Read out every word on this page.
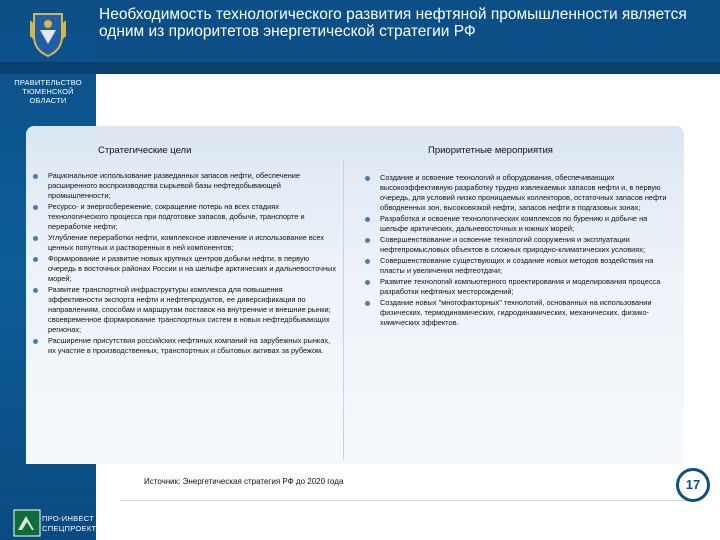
Необходимость технологического развития нефтяной промышленности является одним из приоритетов энергетической стратегии РФ
ПРАВИТЕЛЬСТВО
ТЮМЕНСКОЙ
ОБЛАСТИ
Стратегические цели	Приоритетные мероприятия
Рациональное использование разведанных запасов нефти, обеспечение расширенного воспроизводства сырьевой базы нефтедобывающей промышленности;
Ресурсо- и энергосбережение, сокращение потерь на всех стадиях технологического процесса при подготовке запасов, добыче, транспорте и переработке нефти;
Углубление переработки нефти, комплексное извлечение и использование всех ценных попутных и растворенных в ней компонентов;
Формирование и развитие новых крупных центров добычи нефти, в первую очередь в восточных районах России и на шельфе арктических и дальневосточных морей;
Развитие транспортной инфраструктуры комплекса для повышения эффективности экспорта нефти и нефтепродуктов, ее диверсификация по направлениям, способам и маршрутам поставок на внутренние и внешние рынки; своевременное формирование транспортных систем в новых нефтедобывающих регионах;
Расширение присутствия российских нефтяных компаний на зарубежных рынках, их участие в производственных, транспортных и сбытовых активах за рубежом.
Создание и освоение технологий и оборудования, обеспечивающих высокоэффективную разработку трудно извлекаемых запасов нефти и, в первую очередь, для условий низко проницаемых коллекторов, остаточных запасов нефти обводненных зон, высоковязкой нефти, запасов нефти в подгазовых зонах;
Разработка и освоение технологических комплексов по бурению и добыче на шельфе арктических, дальневосточных и южных морей;
Совершенствование и освоение технологий сооружения и эксплуатации нефтепромысловых объектов в сложных природно-климатических условиях;
Совершенствование существующих и создание новых методов воздействия на пласты и увеличения нефтеотдачи;
Развитие технологий компьютерного проектирования и моделирования процесса разработки нефтяных месторождений;
Создание новых "многофакторных" технологий, основанных на использовании физических, термодинамических, гидродинамических, механических, физико-химических эффектов.
Источник: Энергетическая стратегия РФ до 2020 года
ПРО-ИНВЕСТ
СПЕЦПРОЕКТ
17
